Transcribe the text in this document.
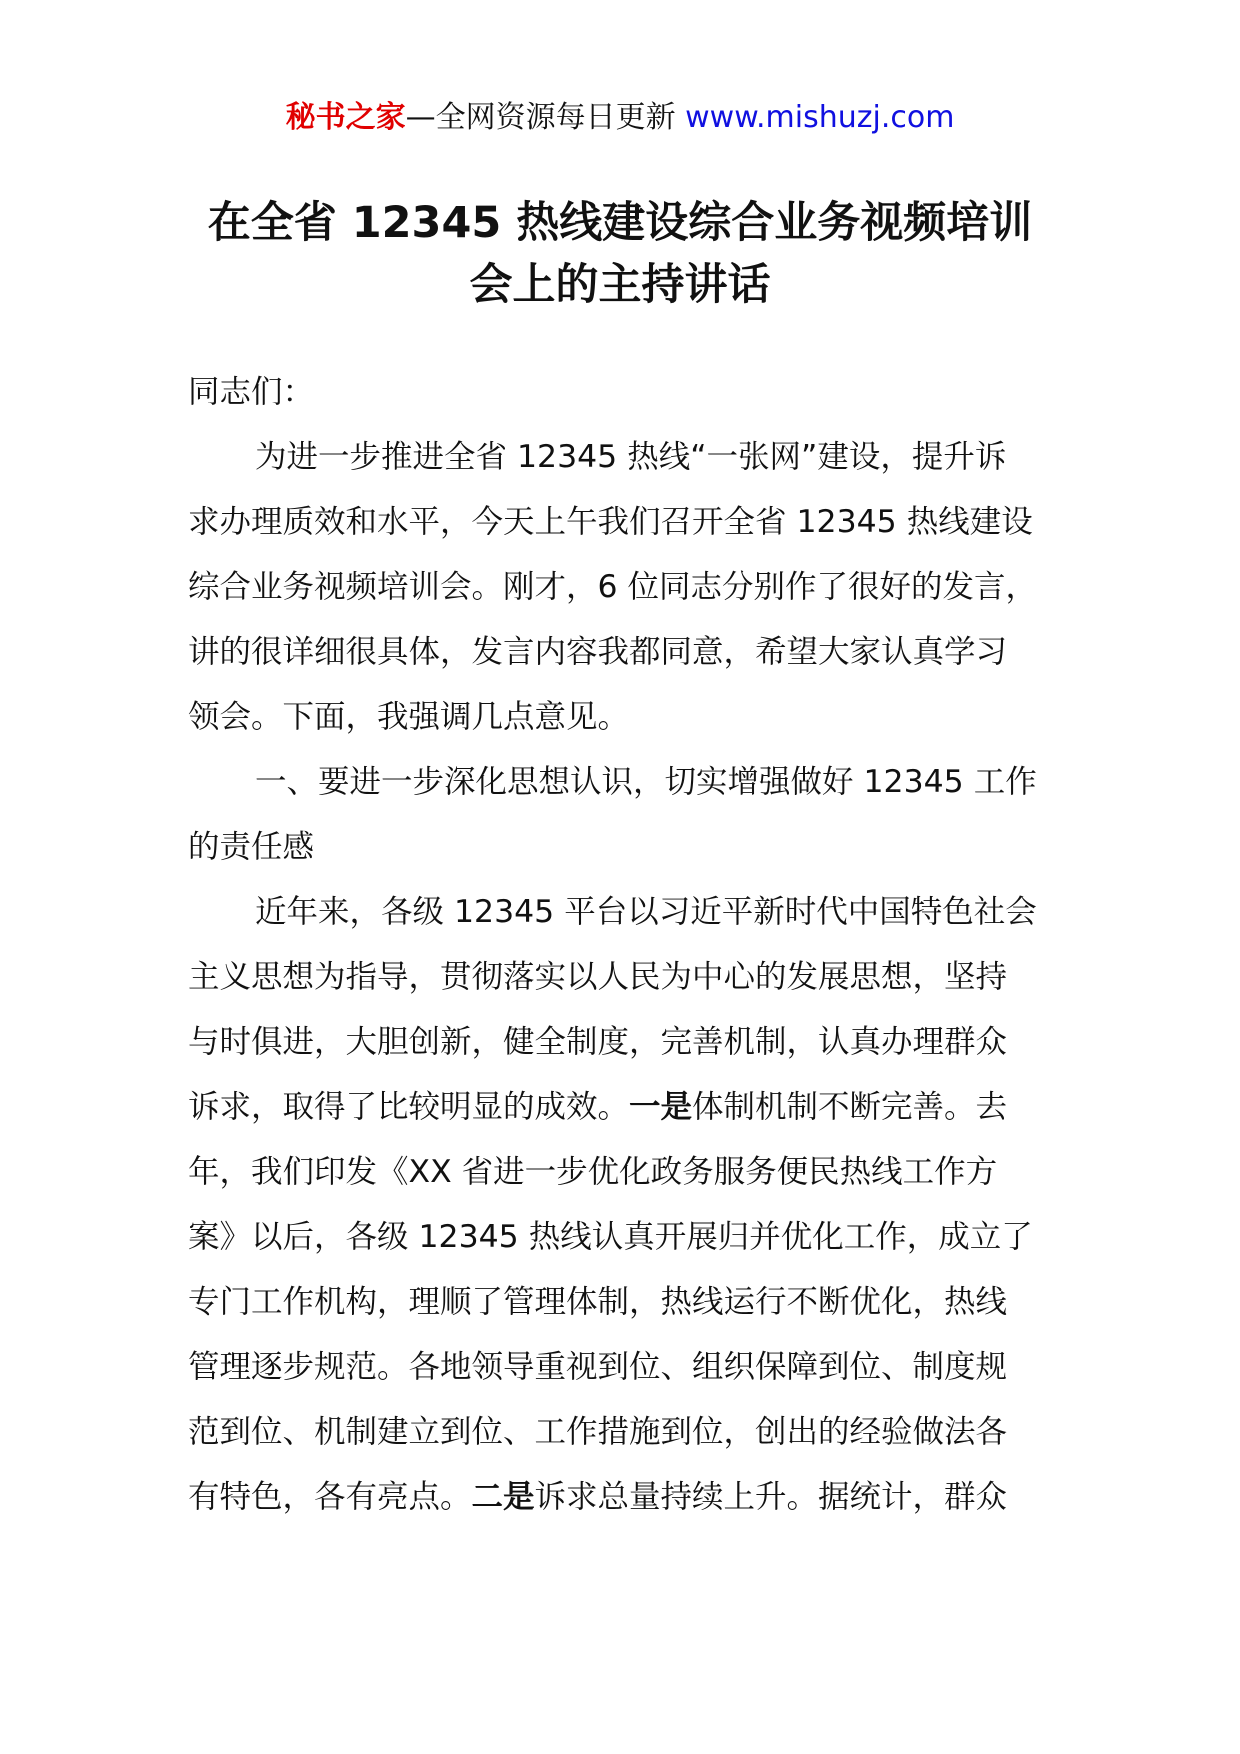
秘书之家—全网资源每日更新 www.mishuzj.com
在全省 12345 热线建设综合业务视频培训
会上的主持讲话
同志们：
为进一步推进全省 12345 热线“一张网”建设，提升诉
求办理质效和水平，今天上午我们召开全省 12345 热线建设
综合业务视频培训会。刚才，6 位同志分别作了很好的发言，
讲的很详细很具体，发言内容我都同意，希望大家认真学习
领会。下面，我强调几点意见。
一、要进一步深化思想认识，切实增强做好 12345 工作
的责任感
近年来，各级 12345 平台以习近平新时代中国特色社会
主义思想为指导，贯彻落实以人民为中心的发展思想，坚持
与时俱进，大胆创新，健全制度，完善机制，认真办理群众
诉求，取得了比较明显的成效。一是体制机制不断完善。去
年，我们印发《XX 省进一步优化政务服务便民热线工作方
案》以后，各级 12345 热线认真开展归并优化工作，成立了
专门工作机构，理顺了管理体制，热线运行不断优化，热线
管理逐步规范。各地领导重视到位、组织保障到位、制度规
范到位、机制建立到位、工作措施到位，创出的经验做法各
有特色，各有亮点。二是诉求总量持续上升。据统计，群众
